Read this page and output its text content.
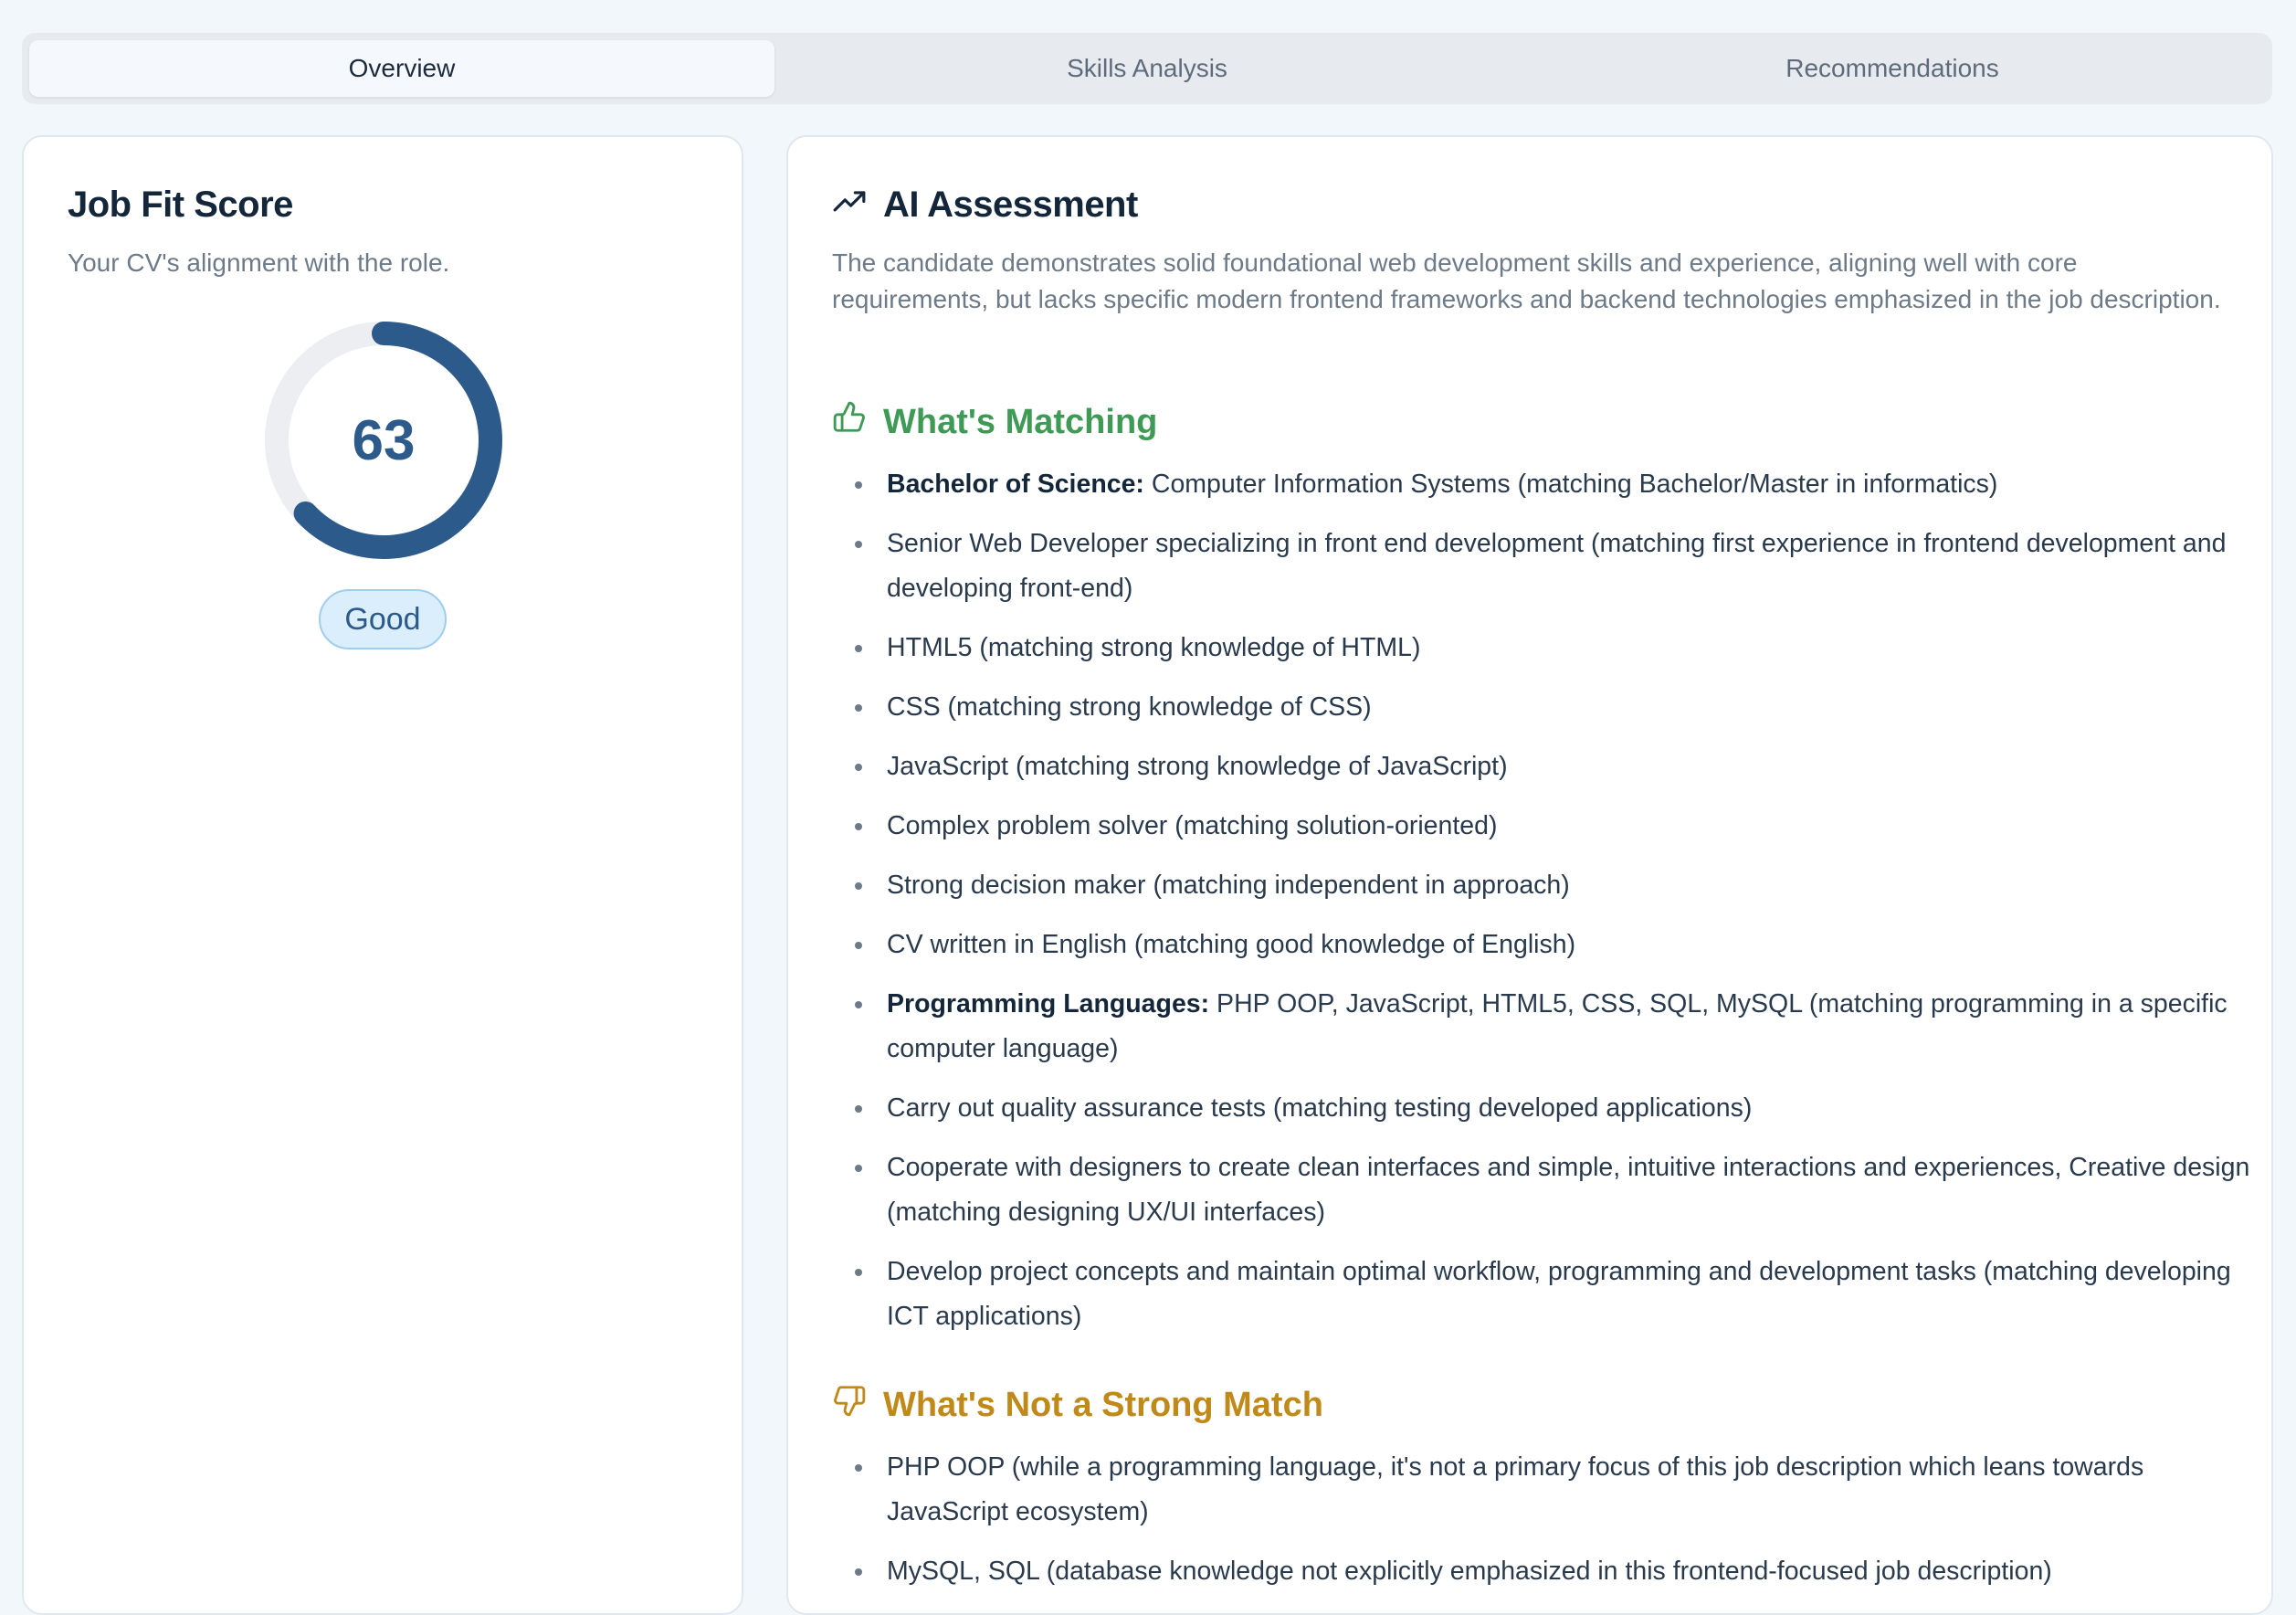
Overview	Skills Analysis	Recommendations
Job Fit Score
Your CV's alignment with the role.
63
Good
AI Assessment
The candidate demonstrates solid foundational web development skills and experience, aligning well with core requirements, but lacks specific modern frontend frameworks and backend technologies emphasized in the job description.
What's Matching
Bachelor of Science: Computer Information Systems (matching Bachelor/Master in informatics)
Senior Web Developer specializing in front end development (matching first experience in frontend development and developing front-end)
HTML5 (matching strong knowledge of HTML)
CSS (matching strong knowledge of CSS)
JavaScript (matching strong knowledge of JavaScript)
Complex problem solver (matching solution-oriented)
Strong decision maker (matching independent in approach)
CV written in English (matching good knowledge of English)
Programming Languages: PHP OOP, JavaScript, HTML5, CSS, SQL, MySQL (matching programming in a specific computer language)
Carry out quality assurance tests (matching testing developed applications)
Cooperate with designers to create clean interfaces and simple, intuitive interactions and experiences, Creative design (matching designing UX/UI interfaces)
Develop project concepts and maintain optimal workflow, programming and development tasks (matching developing ICT applications)
What's Not a Strong Match
PHP OOP (while a programming language, it's not a primary focus of this job description which leans towards JavaScript ecosystem)
MySQL, SQL (database knowledge not explicitly emphasized in this frontend-focused job description)
